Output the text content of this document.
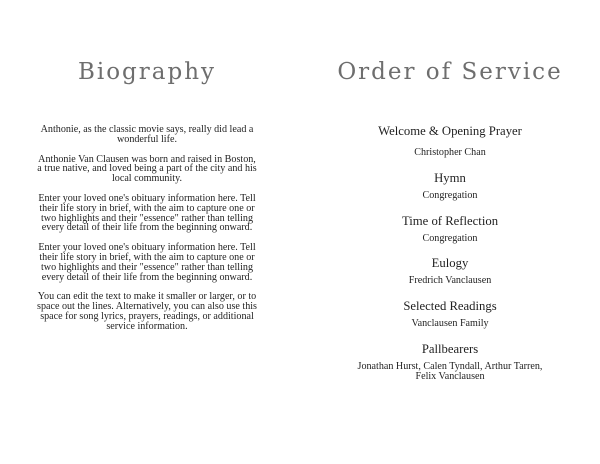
Biography

Anthonie, as the classic movie says, really did lead a wonderful life.

Anthonie Van Clausen was born and raised in Boston, a true native, and loved being a part of the city and his local community.

Enter your loved one's obituary information here. Tell their life story in brief, with the aim to capture one or two highlights and their "essence" rather than telling every detail of their life from the beginning onward.

Enter your loved one's obituary information here. Tell their life story in brief, with the aim to capture one or two highlights and their "essence" rather than telling every detail of their life from the beginning onward.

You can edit the text to make it smaller or larger, or to space out the lines. Alternatively, you can also use this space for song lyrics, prayers, readings, or additional service information.

Order of Service
Welcome & Opening Prayer
Christopher Chan
Hymn
Congregation
Time of Reflection
Congregation
Eulogy
Fredrich Vanclausen
Selected Readings
Vanclausen Family
Pallbearers
Jonathan Hurst, Calen Tyndall, Arthur Tarren, Felix Vanclausen
